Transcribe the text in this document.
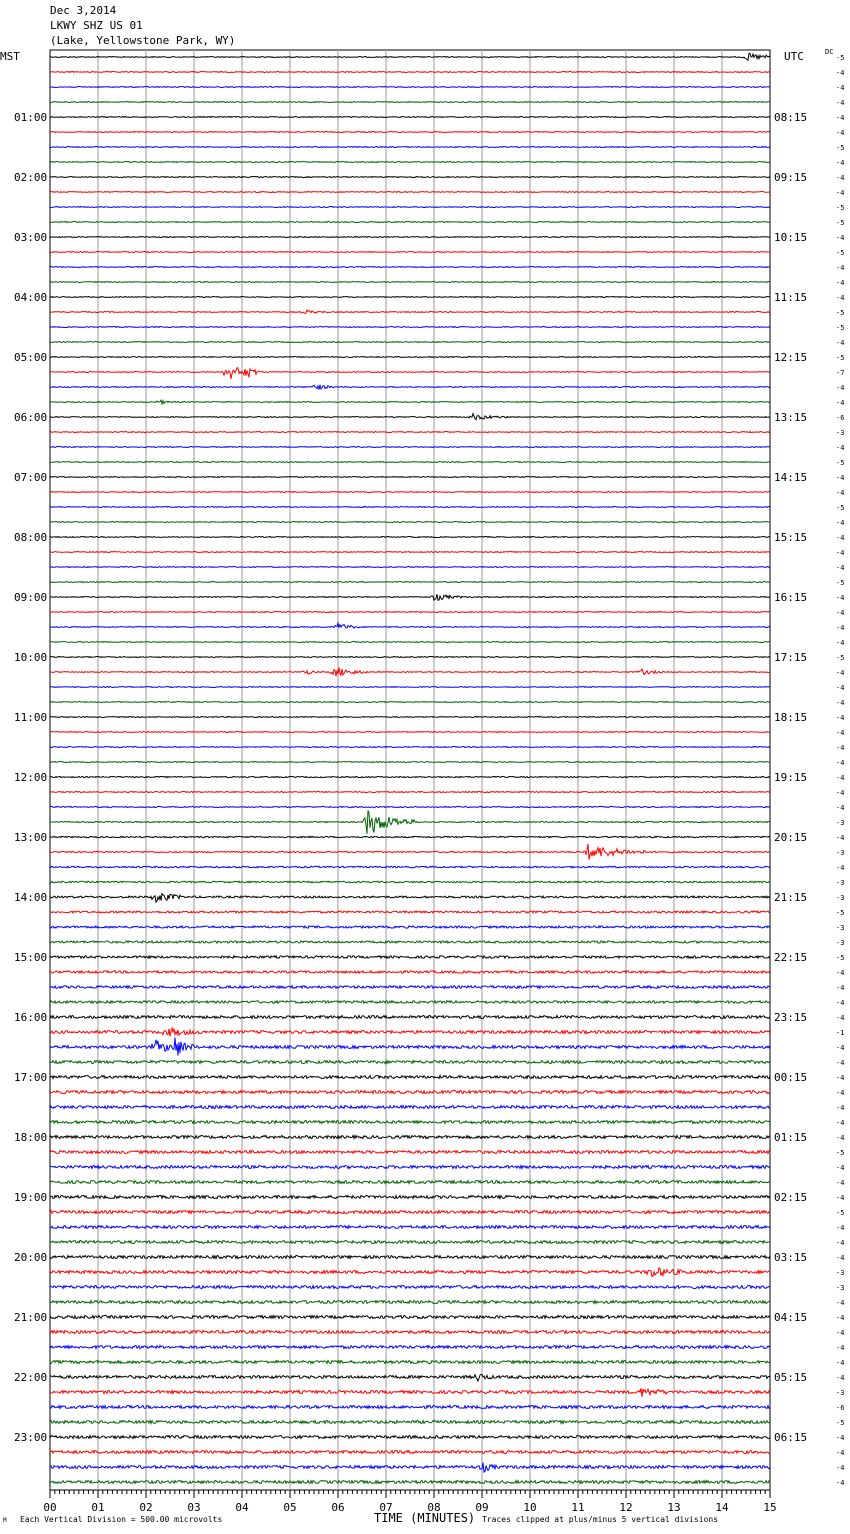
Dec 3,2014
LKWY SHZ US 01
(Lake, Yellowstone Park, WY)
MST	UTC	DC
-5
-4
-4
-4
-4
-4
-5
-4
-4
-4
-5
-5
-4
-5
-4
-4
-4
-5
-5
-4
-5
-7
-4
-4
-6
-3
-4
-5
-4
-4
-5
-4
-4
-4
-4
-5
-4
-4
-4
-4
-5
-4
-4
-4
-4
-4
-4
-4
-4
-4
-4
-3
-4
-3
-4
-3
-3
-5
-3
-3
-5
-4
-4
-4
-4
-1
-4
-4
-4
-4
-4
-4
-4
-5
-4
-4
-4
-5
-4
-4
-4
-3
-3
-4
-4
-4
-4
-4
-4
-3
-6
-5
-4
-4
-4
-4
01:00
02:00
03:00
04:00
05:00
06:00
07:00
08:00
09:00
10:00
11:00
12:00
13:00
14:00
15:00
16:00
17:00
18:00
19:00
20:00
21:00
22:00
23:00
08:15
09:15
10:15
11:15
12:15
13:15
14:15
15:15
16:15
17:15
18:15
19:15
20:15
21:15
22:15
23:15
00:15
01:15
02:15
03:15
04:15
05:15
06:15
00	01	02	03	04	05	06	07	08	09	10	11	12	13	14	15
M Each Vertical Division = 500.00 microvolts	TIME (MINUTES) Traces clipped at plus/minus 5 vertical divisions
